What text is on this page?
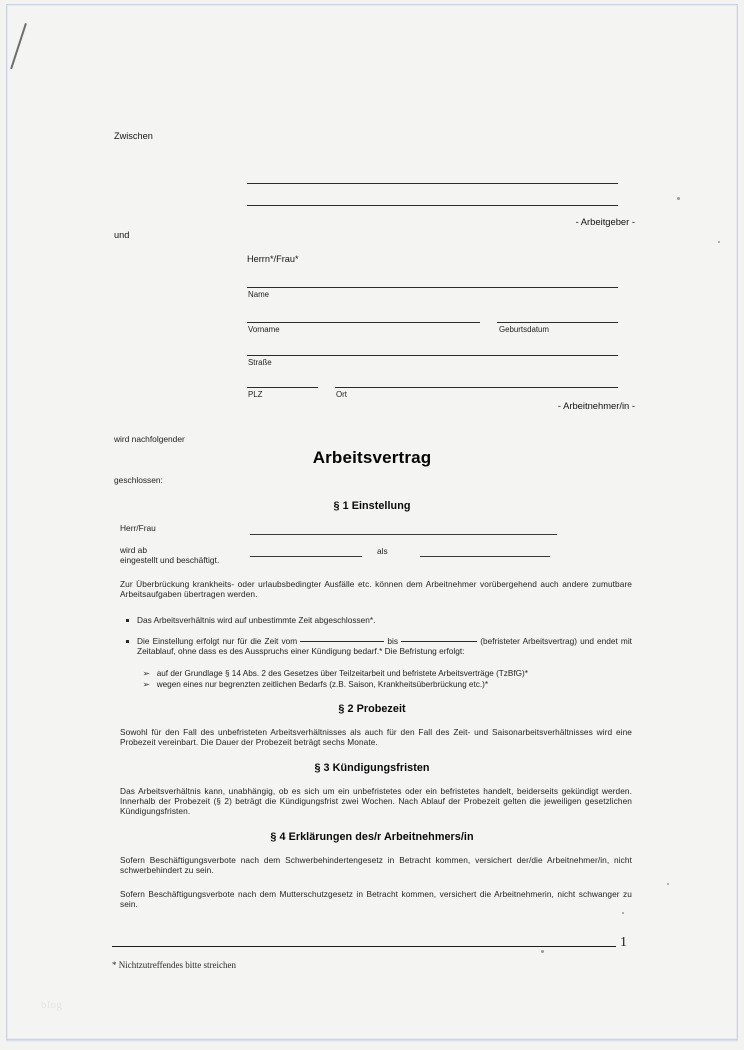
blog
Zwischen
- Arbeitgeber -
und
Herrn*/Frau*
Name
Vorname	Geburtsdatum
Straße
PLZ	Ort
- Arbeitnehmer/in -
wird nachfolgender
Arbeitsvertrag
geschlossen:
§ 1 Einstellung
Herr/Frau
wird ab
eingestellt und beschäftigt.
als
Zur Überbrückung krankheits- oder urlaubsbedingter Ausfälle etc. können dem Arbeitnehmer vorübergehend auch andere zumutbare Arbeitsaufgaben übertragen werden.
Das Arbeitsverhältnis wird auf unbestimmte Zeit abgeschlossen*.
Die Einstellung erfolgt nur für die Zeit vom	bis	(befristeter Arbeitsvertrag) und endet mit Zeitablauf, ohne dass es des Ausspruchs einer Kündigung bedarf.* Die Befristung erfolgt:
➢ auf der Grundlage § 14 Abs. 2 des Gesetzes über Teilzeitarbeit und befristete Arbeitsverträge (TzBfG)*
➢ wegen eines nur begrenzten zeitlichen Bedarfs (z.B. Saison, Krankheitsüberbrückung etc.)*
§ 2 Probezeit
Sowohl für den Fall des unbefristeten Arbeitsverhältnisses als auch für den Fall des Zeit- und Saisonarbeitsverhältnisses wird eine Probezeit vereinbart. Die Dauer der Probezeit beträgt sechs Monate.
§ 3 Kündigungsfristen
Das Arbeitsverhältnis kann, unabhängig, ob es sich um ein unbefristetes oder ein befristetes handelt, beiderseits gekündigt werden. Innerhalb der Probezeit (§ 2) beträgt die Kündigungsfrist zwei Wochen. Nach Ablauf der Probezeit gelten die jeweiligen gesetzlichen Kündigungsfristen.
§ 4 Erklärungen des/r Arbeitnehmers/in
Sofern Beschäftigungsverbote nach dem Schwerbehindertengesetz in Betracht kommen, versichert der/die Arbeitnehmer/in, nicht schwerbehindert zu sein.
Sofern Beschäftigungsverbote nach dem Mutterschutzgesetz in Betracht kommen, versichert die Arbeitnehmerin, nicht schwanger zu sein.
* Nichtzutreffendes bitte streichen
1
